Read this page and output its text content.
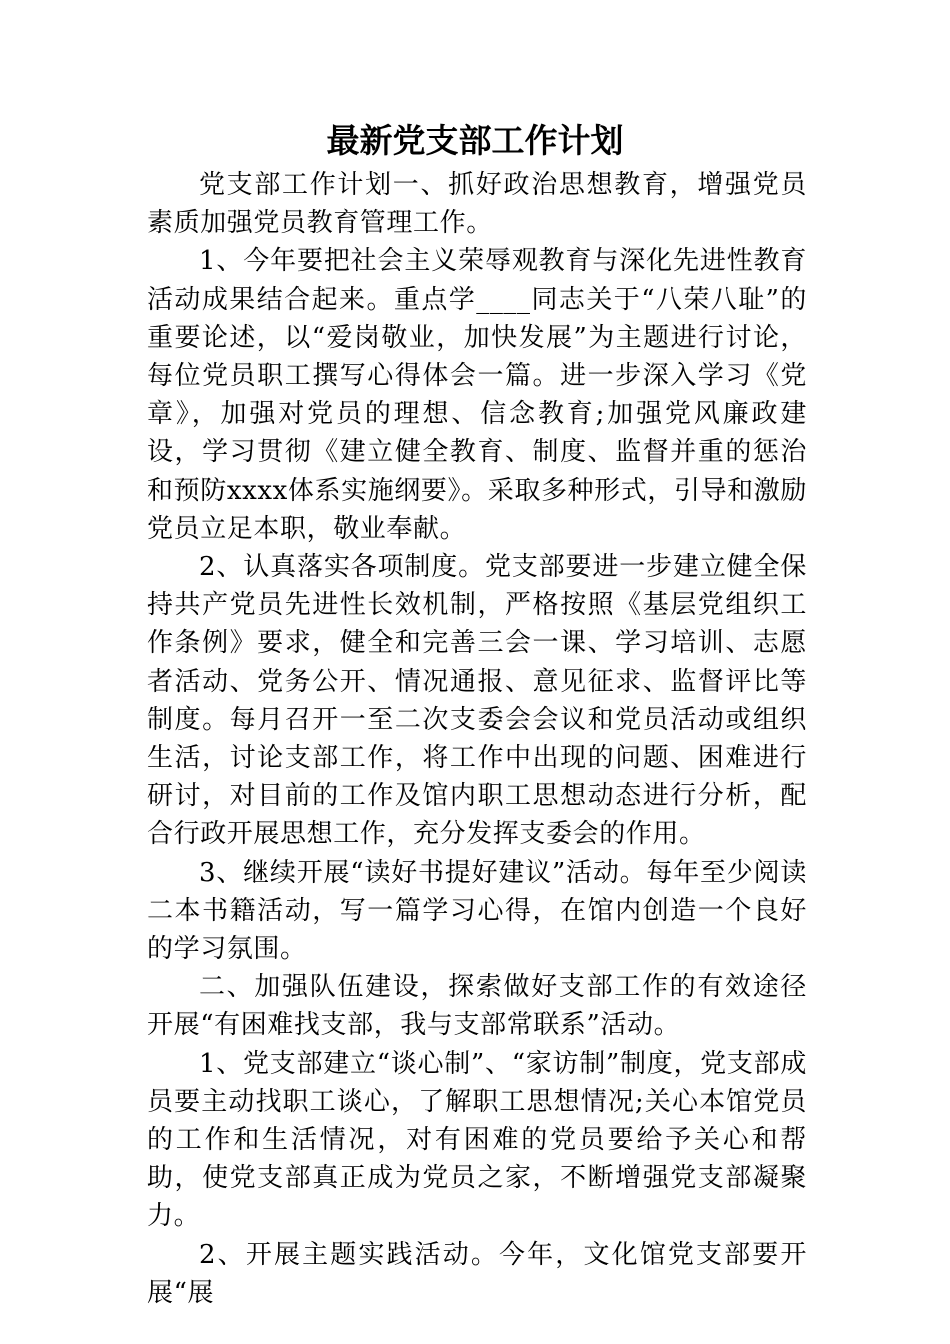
最新党支部工作计划

党支部工作计划一、抓好政治思想教育，增强党员素质加强党员教育管理工作。

1、今年要把社会主义荣辱观教育与深化先进性教育活动成果结合起来。重点学____同志关于“八荣八耻”的重要论述，以“爱岗敬业，加快发展”为主题进行讨论，每位党员职工撰写心得体会一篇。进一步深入学习《党章》，加强对党员的理想、信念教育;加强党风廉政建设，学习贯彻《建立健全教育、制度、监督并重的惩治和预防xxxx体系实施纲要》。采取多种形式，引导和激励党员立足本职，敬业奉献。

2、认真落实各项制度。党支部要进一步建立健全保持共产党员先进性长效机制，严格按照《基层党组织工作条例》要求，健全和完善三会一课、学习培训、志愿者活动、党务公开、情况通报、意见征求、监督评比等制度。每月召开一至二次支委会会议和党员活动或组织生活，讨论支部工作，将工作中出现的问题、困难进行研讨，对目前的工作及馆内职工思想动态进行分析，配合行政开展思想工作，充分发挥支委会的作用。

3、继续开展“读好书提好建议”活动。每年至少阅读二本书籍活动，写一篇学习心得，在馆内创造一个良好的学习氛围。

二、加强队伍建设，探索做好支部工作的有效途径开展“有困难找支部，我与支部常联系”活动。

1、党支部建立“谈心制”、“家访制”制度，党支部成员要主动找职工谈心，了解职工思想情况;关心本馆党员的工作和生活情况，对有困难的党员要给予关心和帮助，使党支部真正成为党员之家，不断增强党支部凝聚力。

2、开展主题实践活动。今年，文化馆党支部要开展“展
